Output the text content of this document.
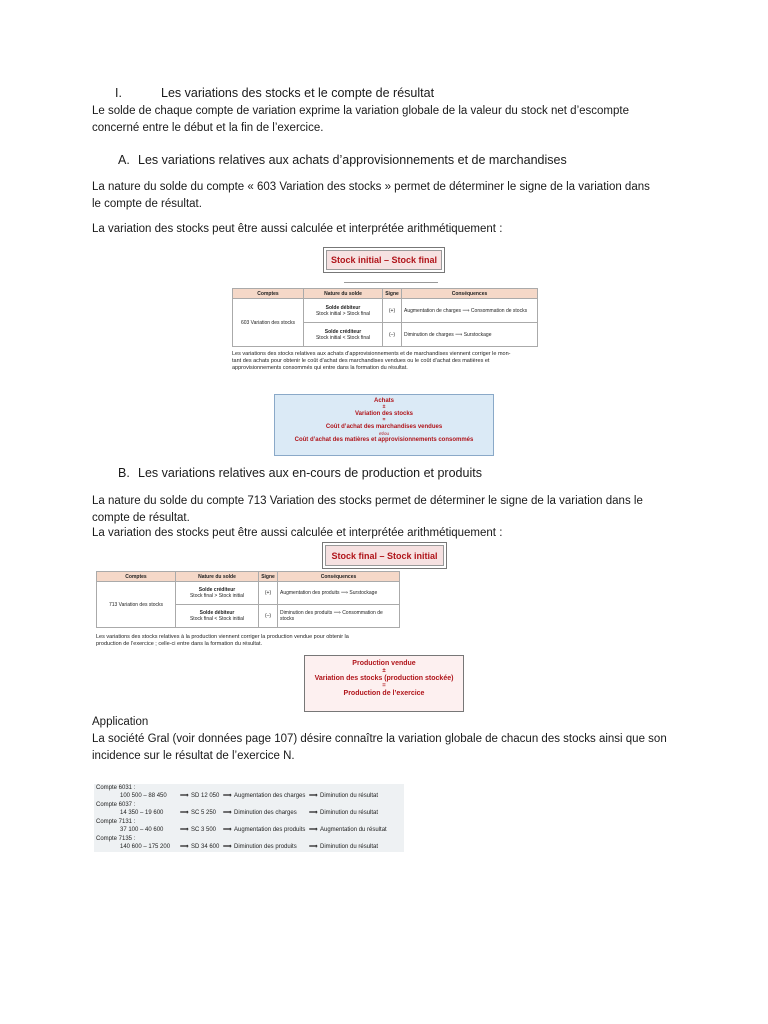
I.	Les variations des stocks et le compte de résultat
Le solde de chaque compte de variation exprime la variation globale de la valeur du stock net d’escompte
concerné entre le début et la fin de l’exercice.
A. Les variations relatives aux achats d’approvisionnements et de marchandises
La nature du solde du compte « 603 Variation des stocks » permet de déterminer le signe de la variation dans
le compte de résultat.
La variation des stocks peut être aussi calculée et interprétée arithmétiquement :
Stock initial – Stock final
Comptes	Nature du solde	Signe	Conséquences
603 Variation des stocks	Solde débiteur
Stock initial > Stock final	(+)	Augmentation de charges ⟹ Consommation de stocks

	Solde créditeur
Stock initial < Stock final	(–)	Diminution de charges ⟹ Surstockage
Les variations des stocks relatives aux achats d’approvisionnements et de marchandises viennent corriger le mon-
tant des achats pour obtenir le coût d’achat des marchandises vendues ou le coût d’achat des matières et
approvisionnements consommés qui entre dans la formation du résultat.
Achats
±
Variation des stocks
=
Coût d’achat des marchandises vendues
et/ou
Coût d’achat des matières et approvisionnements consommés
B. Les variations relatives aux en-cours de production et produits
La nature du solde du compte 713 Variation des stocks permet de déterminer le signe de la variation dans le
compte de résultat.
La variation des stocks peut être aussi calculée et interprétée arithmétiquement :
Stock final – Stock initial
Comptes	Nature du solde	Signe	Conséquences
713 Variation des stocks	Solde créditeur
Stock final > Stock initial	(+)	Augmentation des produits ⟹ Surstockage

	Solde débiteur
Stock final < Stock initial	(–)	Diminution des produits ⟹ Consommation de stocks
Les variations des stocks relatives à la production viennent corriger la production vendue pour obtenir la
production de l’exercice ; celle-ci entre dans la formation du résultat.
Production vendue
±
Variation des stocks (production stockée)
=
Production de l’exercice
Application
La société Gral (voir données page 107) désire connaître la variation globale de chacun des stocks ainsi que son
incidence sur le résultat de l’exercice N.
Compte 6031 :
100 500 – 88 450 ⟹ SD 12 050 ⟹ Augmentation des charges ⟹ Diminution du résultat
Compte 6037 :
14 350 – 19 600	⟹ SC 5 250 ⟹ Diminution des charges ⟹ Diminution du résultat
Compte 7131 :
37 100 – 40 600	⟹ SC 3 500 ⟹ Augmentation des produits ⟹ Augmentation du résultat
Compte 7135 :
140 600 – 175 200 ⟹ SD 34 600 ⟹ Diminution des produits ⟹ Diminution du résultat
